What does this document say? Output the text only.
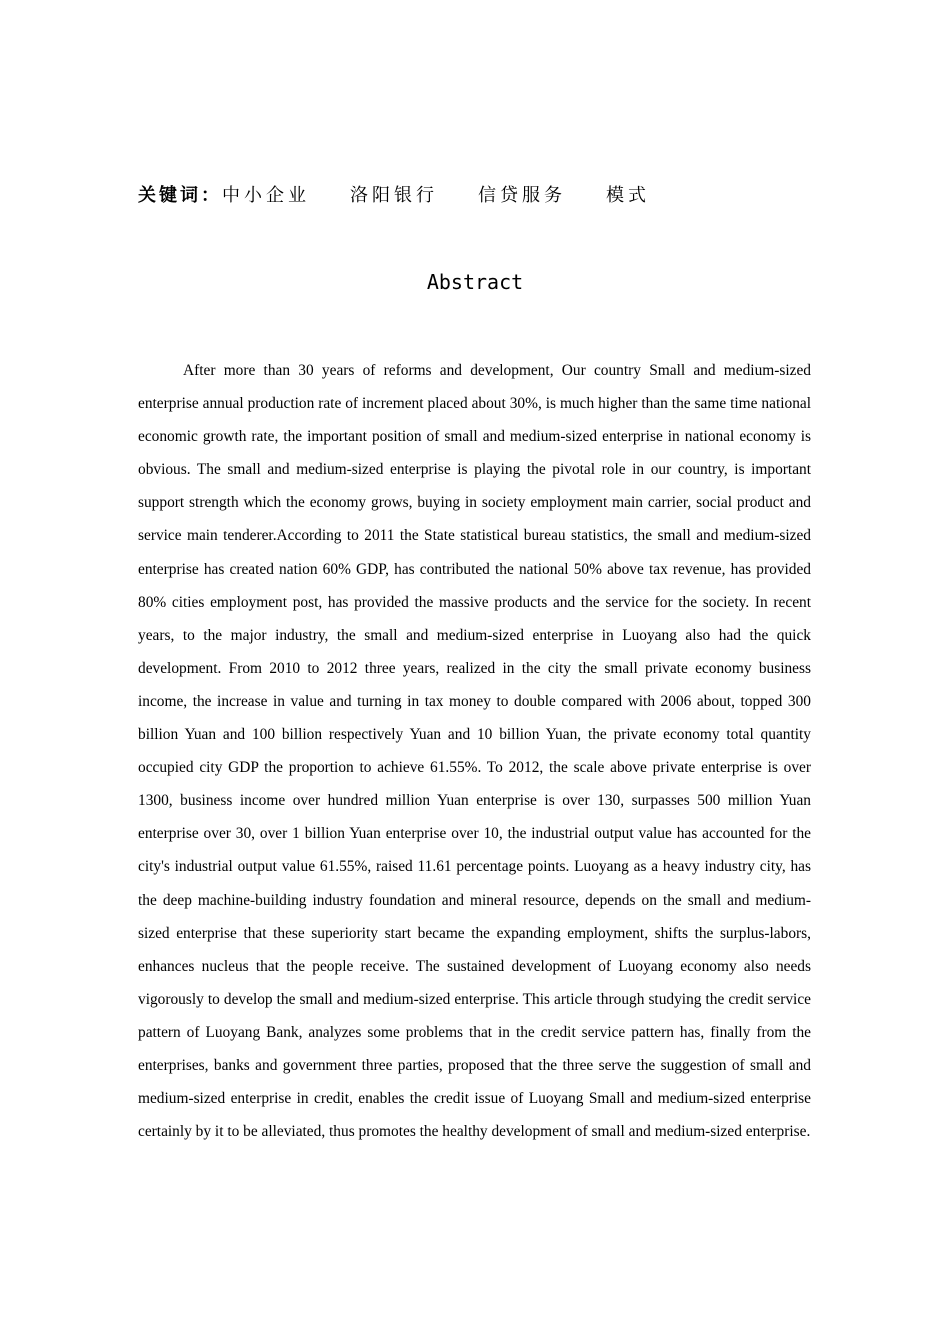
关键词：中小企业 洛阳银行 信贷服务 模式
Abstract

After more than 30 years of reforms and development, Our country Small and medium-sized enterprise annual production rate of increment placed about 30%, is much higher than the same time national economic growth rate, the important position of small and medium-sized enterprise in national economy is obvious. The small and medium-sized enterprise is playing the pivotal role in our country, is important support strength which the economy grows, buying in society employment main carrier, social product and service main tenderer.According to 2011 the State statistical bureau statistics, the small and medium-sized enterprise has created nation 60% GDP, has contributed the national 50% above tax revenue, has provided 80% cities employment post, has provided the massive products and the service for the society. In recent years, to the major industry, the small and medium-sized enterprise in Luoyang also had the quick development. From 2010 to 2012 three years, realized in the city the small private economy business income, the increase in value and turning in tax money to double compared with 2006 about, topped 300 billion Yuan and 100 billion respectively Yuan and 10 billion Yuan, the private economy total quantity occupied city GDP the proportion to achieve 61.55%. To 2012, the scale above private enterprise is over 1300, business income over hundred million Yuan enterprise is over 130, surpasses 500 million Yuan enterprise over 30, over 1 billion Yuan enterprise over 10, the industrial output value has accounted for the city's industrial output value 61.55%, raised 11.61 percentage points. Luoyang as a heavy industry city, has the deep machine-building industry foundation and mineral resource, depends on the small and medium-sized enterprise that these superiority start became the expanding employment, shifts the surplus-labors, enhances nucleus that the people receive. The sustained development of Luoyang economy also needs vigorously to develop the small and medium-sized enterprise. This article through studying the credit service pattern of Luoyang Bank, analyzes some problems that in the credit service pattern has, finally from the enterprises, banks and government three parties, proposed that the three serve the suggestion of small and medium-sized enterprise in credit, enables the credit issue of Luoyang Small and medium-sized enterprise certainly by it to be alleviated, thus promotes the healthy development of small and medium-sized enterprise.
